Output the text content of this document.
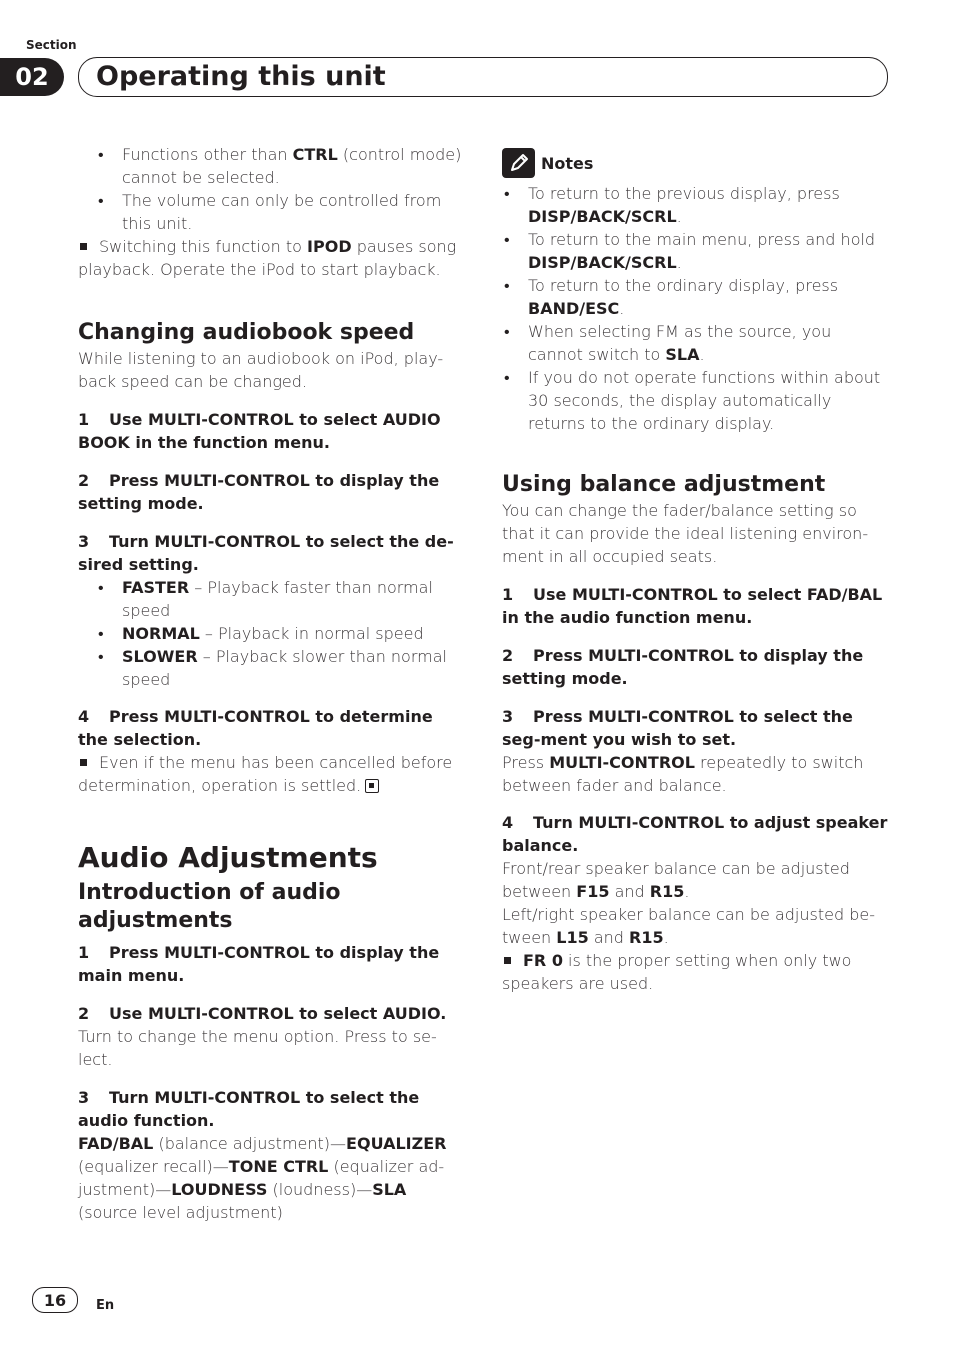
Section
02	Operating this unit

• Functions other than CTRL (control mode) cannot be selected.

• The volume can only be controlled from this unit.

Switching this function to IPOD pauses song playback. Operate the iPod to start playback.

Changing audiobook speed

While listening to an audiobook on iPod, play-back speed can be changed.

1 Use MULTI-CONTROL to select AUDIO BOOK in the function menu.

2 Press MULTI-CONTROL to display the setting mode.

3 Turn MULTI-CONTROL to select the de-sired setting.

• FASTER – Playback faster than normal speed

• NORMAL – Playback in normal speed

• SLOWER – Playback slower than normal speed

4 Press MULTI-CONTROL to determine the selection.

Even if the menu has been cancelled before determination, operation is settled.

Audio Adjustments

Introduction of audio adjustments

1 Press MULTI-CONTROL to display the main menu.

2 Use MULTI-CONTROL to select AUDIO.

Turn to change the menu option. Press to se-lect.

3 Turn MULTI-CONTROL to select the audio function.

FAD/BAL (balance adjustment)—EQUALIZER (equalizer recall)—TONE CTRL (equalizer ad-justment)—LOUDNESS (loudness)—SLA (source level adjustment)

Notes

• To return to the previous display, press DISP/BACK/SCRL.

• To return to the main menu, press and hold DISP/BACK/SCRL.

• To return to the ordinary display, press BAND/ESC.

• When selecting FM as the source, you cannot switch to SLA.

• If you do not operate functions within about 30 seconds, the display automatically returns to the ordinary display.

Using balance adjustment

You can change the fader/balance setting so that it can provide the ideal listening environ-ment in all occupied seats.

1 Use MULTI-CONTROL to select FAD/BAL in the audio function menu.

2 Press MULTI-CONTROL to display the setting mode.

3 Press MULTI-CONTROL to select the seg-ment you wish to set.

Press MULTI-CONTROL repeatedly to switch between fader and balance.

4 Turn MULTI-CONTROL to adjust speaker balance.

Front/rear speaker balance can be adjusted between F15 and R15.

Left/right speaker balance can be adjusted be-tween L15 and R15.

FR 0 is the proper setting when only two speakers are used.

16	En
